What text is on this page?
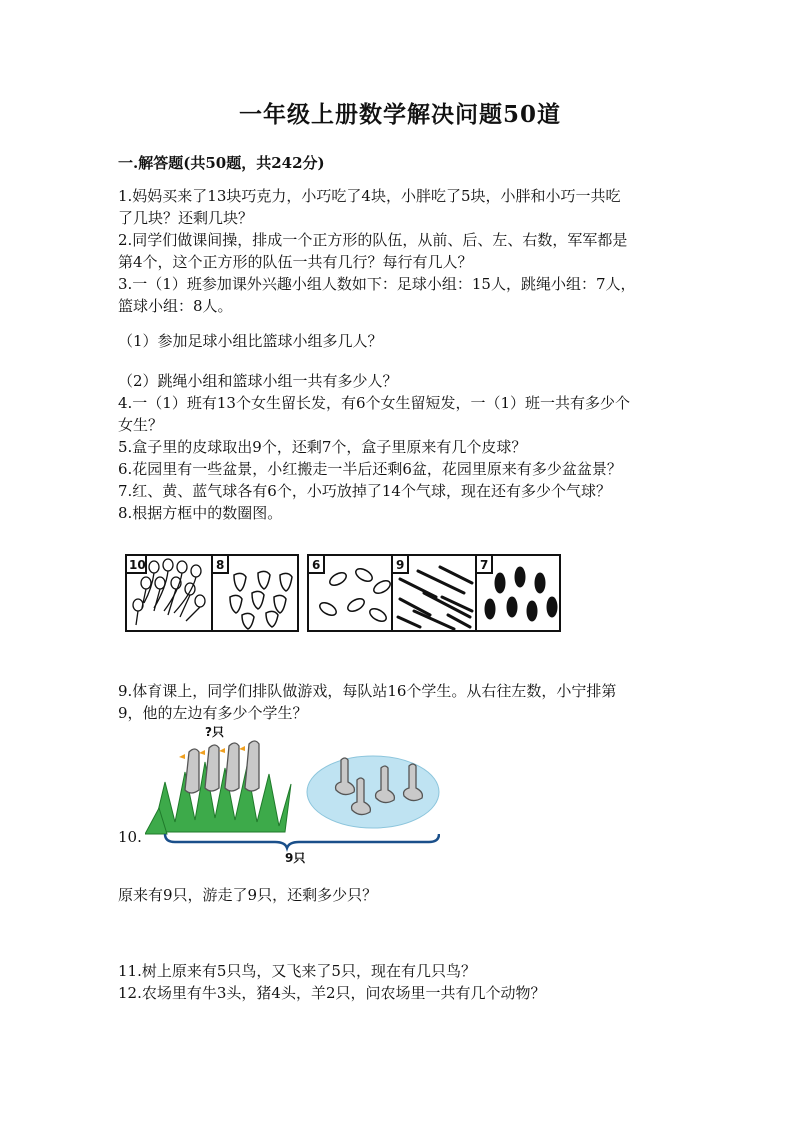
一年级上册数学解决问题50道
一.解答题(共50题，共242分)

1.妈妈买来了13块巧克力，小巧吃了4块，小胖吃了5块，小胖和小巧一共吃

了几块？还剩几块？

2.同学们做课间操，排成一个正方形的队伍，从前、后、左、右数，军军都是

第4个，这个正方形的队伍一共有几行？每行有几人？

3.一（1）班参加课外兴趣小组人数如下：足球小组：15人，跳绳小组：7人，

篮球小组：8人。

（1）参加足球小组比篮球小组多几人？

（2）跳绳小组和篮球小组一共有多少人？

4.一（1）班有13个女生留长发，有6个女生留短发，一（1）班一共有多少个

女生？

5.盒子里的皮球取出9个，还剩7个，盒子里原来有几个皮球？

6.花园里有一些盆景，小红搬走一半后还剩6盆，花园里原来有多少盆盆景？

7.红、黄、蓝气球各有6个，小巧放掉了14个气球，现在还有多少个气球？

8.根据方框中的数圈图。

10	8	6	9	7

9.体育课上，同学们排队做游戏，每队站16个学生。从右往左数，小宁排第

9，他的左边有多少个学生？

?只
9只
10.

原来有9只，游走了9只，还剩多少只？

11.树上原来有5只鸟，又飞来了5只，现在有几只鸟？

12.农场里有牛3头，猪4头，羊2只，问农场里一共有几个动物？
